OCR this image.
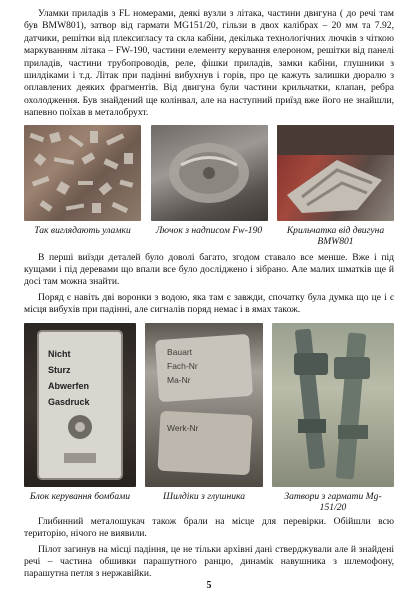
Уламки приладів з FL номерами, деякі вузли з літака, частини двигуна ( до речі там був BMW801), затвор від гармати MG151/20, гільзи в двох калібрах – 20 мм та 7.92, датчики, решітки від плексигласу та скла кабіни, декілька технологічних лючків з чіткою маркуванням літака – FW-190, частини елементу керування елероном, решітки від панелі приладів, частини трубопроводів, реле, фішки приладів, замки кабіни, глушники з шилдіками і т.д. Літак при падінні вибухнув і горів, про це кажуть залишки дюралю з оплавлених деяких фрагментів. Від двигуна були частини крильчатки, клапан, ребра охолодження. Був знайдений ще колінвал, але на наступний приїзд вже його не знайшли, напевно поїхав в металобрухт.

Так виглядають уламки	Лючок з надписом Fw-190	Крильчатка від двигуна BMW801

В перші виїзди деталей було доволі багато, згодом ставало все менше. Вже і під кущами і під деревами що впали все було досліджено і зібрано. Але малих шматків ще й досі там можна знайти.

Поряд є навіть дві воронки з водою, яка там є завжди, спочатку була думка що це і є місця вибухів при падінні, але сигналів поряд немає і в ямах також.

Nicht
Sturz
Abwerfen
Gasdruck
Bauart
Fach-Nr
Ma-Nr
Werk-Nr
Блок керування бомбами	Шилдіки з глушника	Затвори з гармати Mg-151/20

Глибинний металошукач також брали на місце для перевірки. Обійшли всю територію, нічого не виявили.

Пілот загинув на місці падіння, це не тільки архівні дані стверджували але й знайдені речі – частина обшивки парашутного ранцю, динамік навушника з шлемофону, парашутна петля з нержавійки.

5
